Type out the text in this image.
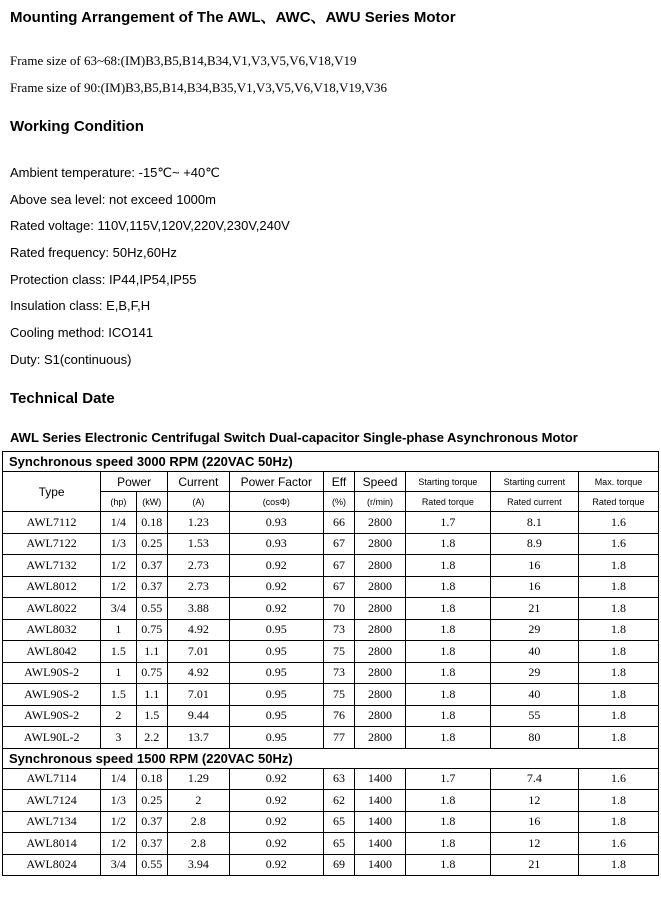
Mounting Arrangement of The AWL、AWC、AWU Series Motor
Frame size of 63~68:(IM)B3,B5,B14,B34,V1,V3,V5,V6,V18,V19
Frame size of 90:(IM)B3,B5,B14,B34,B35,V1,V3,V5,V6,V18,V19,V36
Working Condition
Ambient temperature: -15℃~ +40℃
Above sea level: not exceed 1000m
Rated voltage: 110V,115V,120V,220V,230V,240V
Rated frequency: 50Hz,60Hz
Protection class: IP44,IP54,IP55
Insulation class: E,B,F,H
Cooling method: ICO141
Duty: S1(continuous)
Technical Date
AWL Series Electronic Centrifugal Switch Dual-capacitor Single-phase Asynchronous Motor
Synchronous speed 3000 RPM (220VAC 50Hz)									
Type	Power		Current	Power Factor	Eff	Speed	Starting torque	Starting current	Max. torque
	(hp)	(kW)	(A)	(cosΦ)	(%)	(r/min)	Rated torque	Rated current	Rated torque
AWL7112	1/4	0.18	1.23	0.93	66	2800	1.7	8.1	1.6
AWL7122	1/3	0.25	1.53	0.93	67	2800	1.8	8.9	1.6
AWL7132	1/2	0.37	2.73	0.92	67	2800	1.8	16	1.8
AWL8012	1/2	0.37	2.73	0.92	67	2800	1.8	16	1.8
AWL8022	3/4	0.55	3.88	0.92	70	2800	1.8	21	1.8
AWL8032	1	0.75	4.92	0.95	73	2800	1.8	29	1.8
AWL8042	1.5	1.1	7.01	0.95	75	2800	1.8	40	1.8
AWL90S-2	1	0.75	4.92	0.95	73	2800	1.8	29	1.8
AWL90S-2	1.5	1.1	7.01	0.95	75	2800	1.8	40	1.8
AWL90S-2	2	1.5	9.44	0.95	76	2800	1.8	55	1.8
AWL90L-2	3	2.2	13.7	0.95	77	2800	1.8	80	1.8
Synchronous speed 1500 RPM (220VAC 50Hz)									
AWL7114	1/4	0.18	1.29	0.92	63	1400	1.7	7.4	1.6
AWL7124	1/3	0.25	2	0.92	62	1400	1.8	12	1.8
AWL7134	1/2	0.37	2.8	0.92	65	1400	1.8	16	1.8
AWL8014	1/2	0.37	2.8	0.92	65	1400	1.8	12	1.6
AWL8024	3/4	0.55	3.94	0.92	69	1400	1.8	21	1.8
